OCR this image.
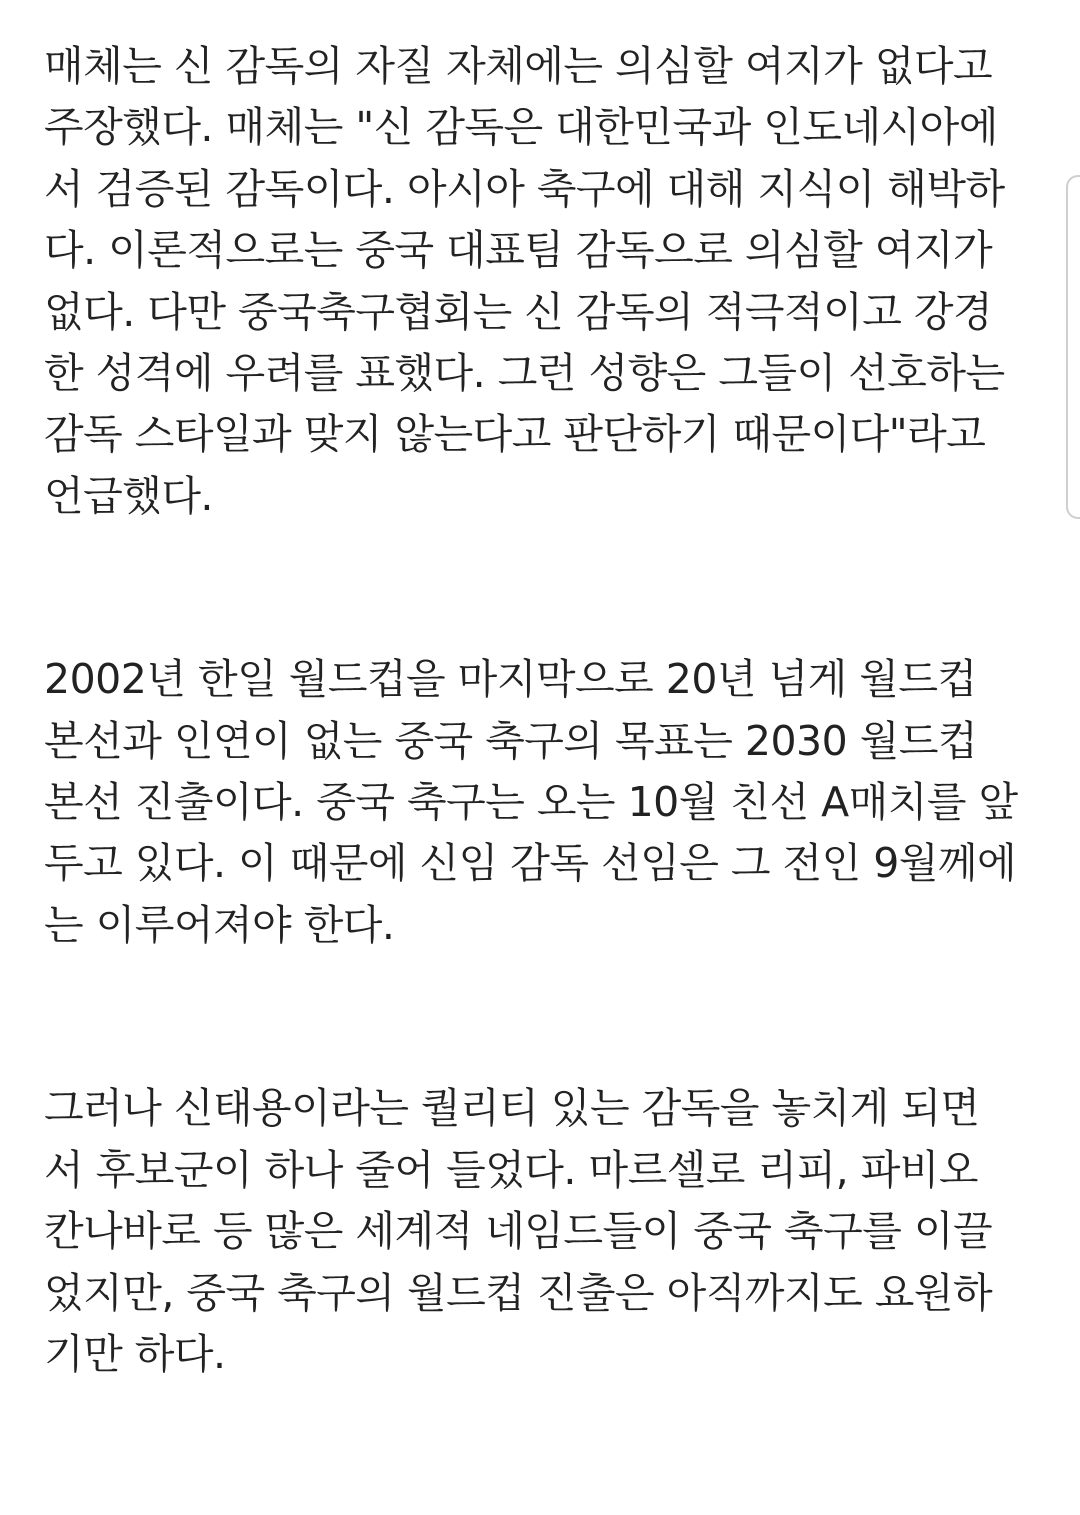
매체는 신 감독의 자질 자체에는 의심할 여지가 없다고
주장했다. 매체는 "신 감독은 대한민국과 인도네시아에
서 검증된 감독이다. 아시아 축구에 대해 지식이 해박하
다. 이론적으로는 중국 대표팀 감독으로 의심할 여지가
없다. 다만 중국축구협회는 신 감독의 적극적이고 강경
한 성격에 우려를 표했다. 그런 성향은 그들이 선호하는
감독 스타일과 맞지 않는다고 판단하기 때문이다"라고
언급했다.

2002년 한일 월드컵을 마지막으로 20년 넘게 월드컵
본선과 인연이 없는 중국 축구의 목표는 2030 월드컵
본선 진출이다. 중국 축구는 오는 10월 친선 A매치를 앞
두고 있다. 이 때문에 신임 감독 선임은 그 전인 9월께에
는 이루어져야 한다.

그러나 신태용이라는 퀄리티 있는 감독을 놓치게 되면
서 후보군이 하나 줄어 들었다. 마르셀로 리피, 파비오
칸나바로 등 많은 세계적 네임드들이 중국 축구를 이끌
었지만, 중국 축구의 월드컵 진출은 아직까지도 요원하
기만 하다.
